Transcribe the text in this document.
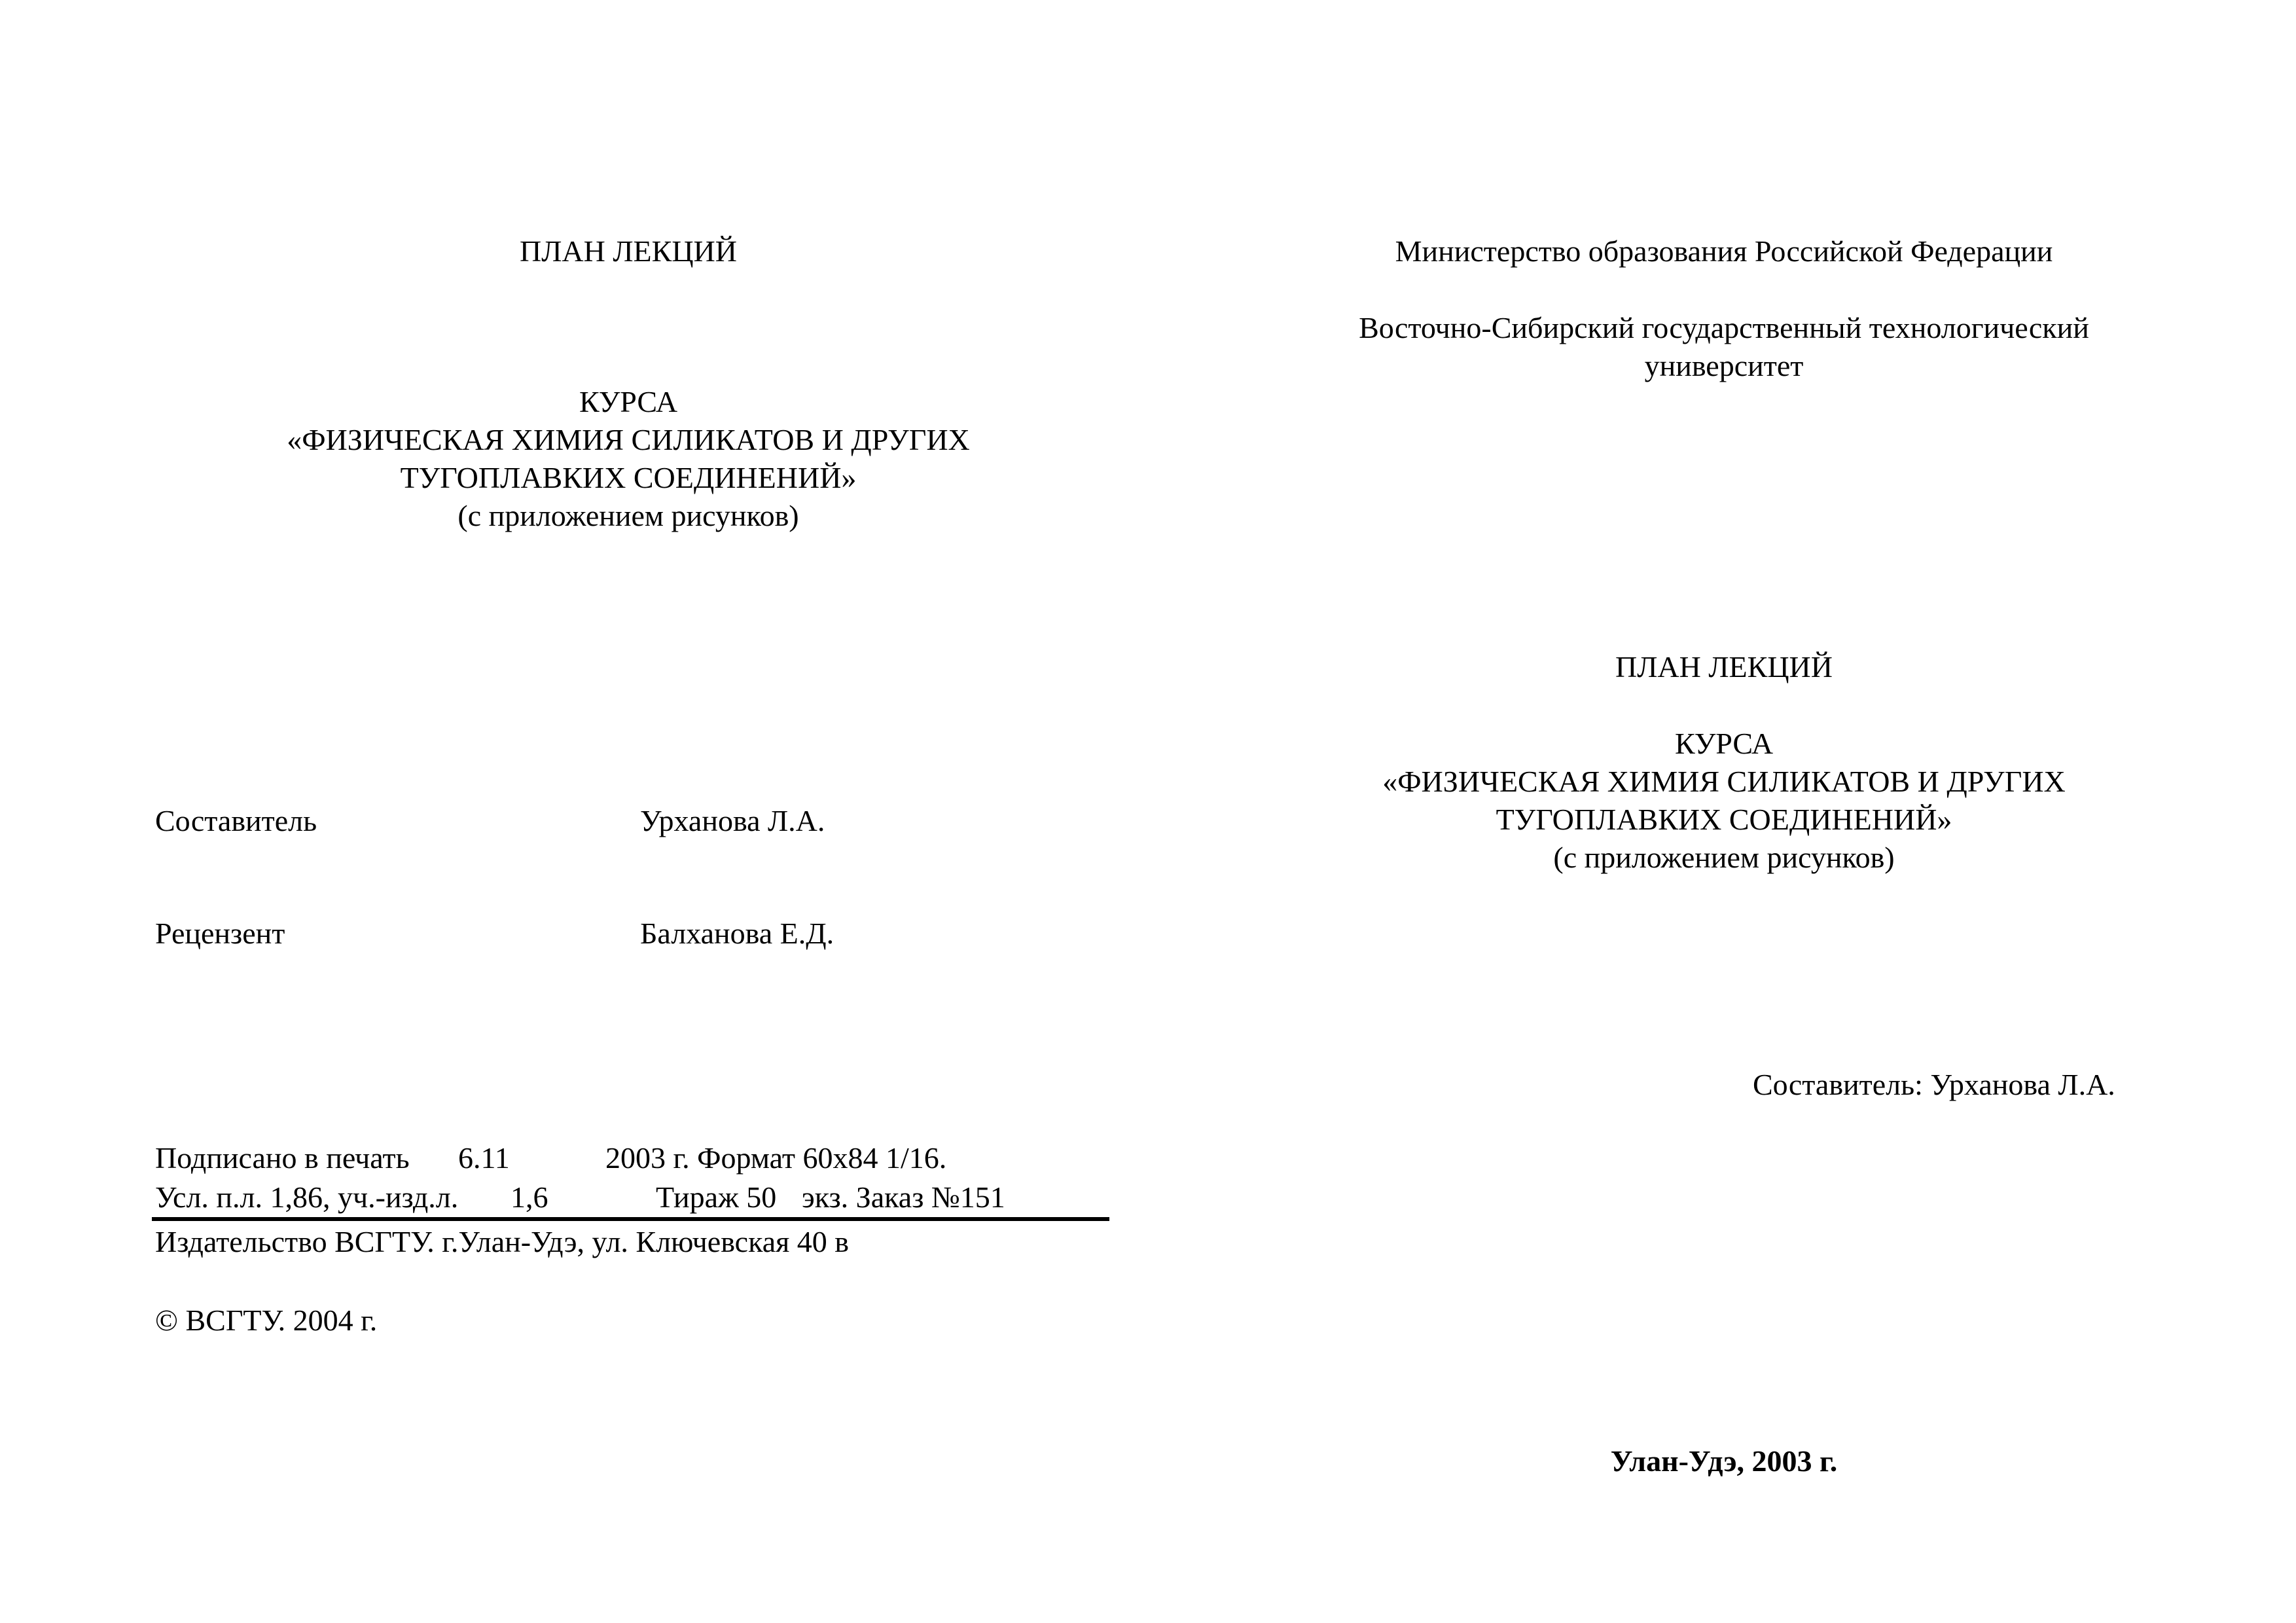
ПЛАН ЛЕКЦИЙ

КУРСА

«ФИЗИЧЕСКАЯ ХИМИЯ СИЛИКАТОВ И ДРУГИХ

ТУГОПЛАВКИХ СОЕДИНЕНИЙ»

(с приложением рисунков)

Составитель	Урханова Л.А.

Рецензент	Балханова Е.Д.

Подписано в печать 6.11	2003 г. Формат 60x84 1/16.

Усл. п.л. 1,86, уч.-изд.л. 1,6	Тираж 50 экз. Заказ №151

Издательство ВСГТУ. г.Улан-Удэ, ул. Ключевская 40 в

© ВСГТУ. 2004 г.

Министерство образования Российской Федерации

Восточно-Сибирский государственный технологический

университет

ПЛАН ЛЕКЦИЙ

КУРСА

«ФИЗИЧЕСКАЯ ХИМИЯ СИЛИКАТОВ И ДРУГИХ

ТУГОПЛАВКИХ СОЕДИНЕНИЙ»

(с приложением рисунков)

Составитель: Урханова Л.А.

Улан-Удэ, 2003 г.
